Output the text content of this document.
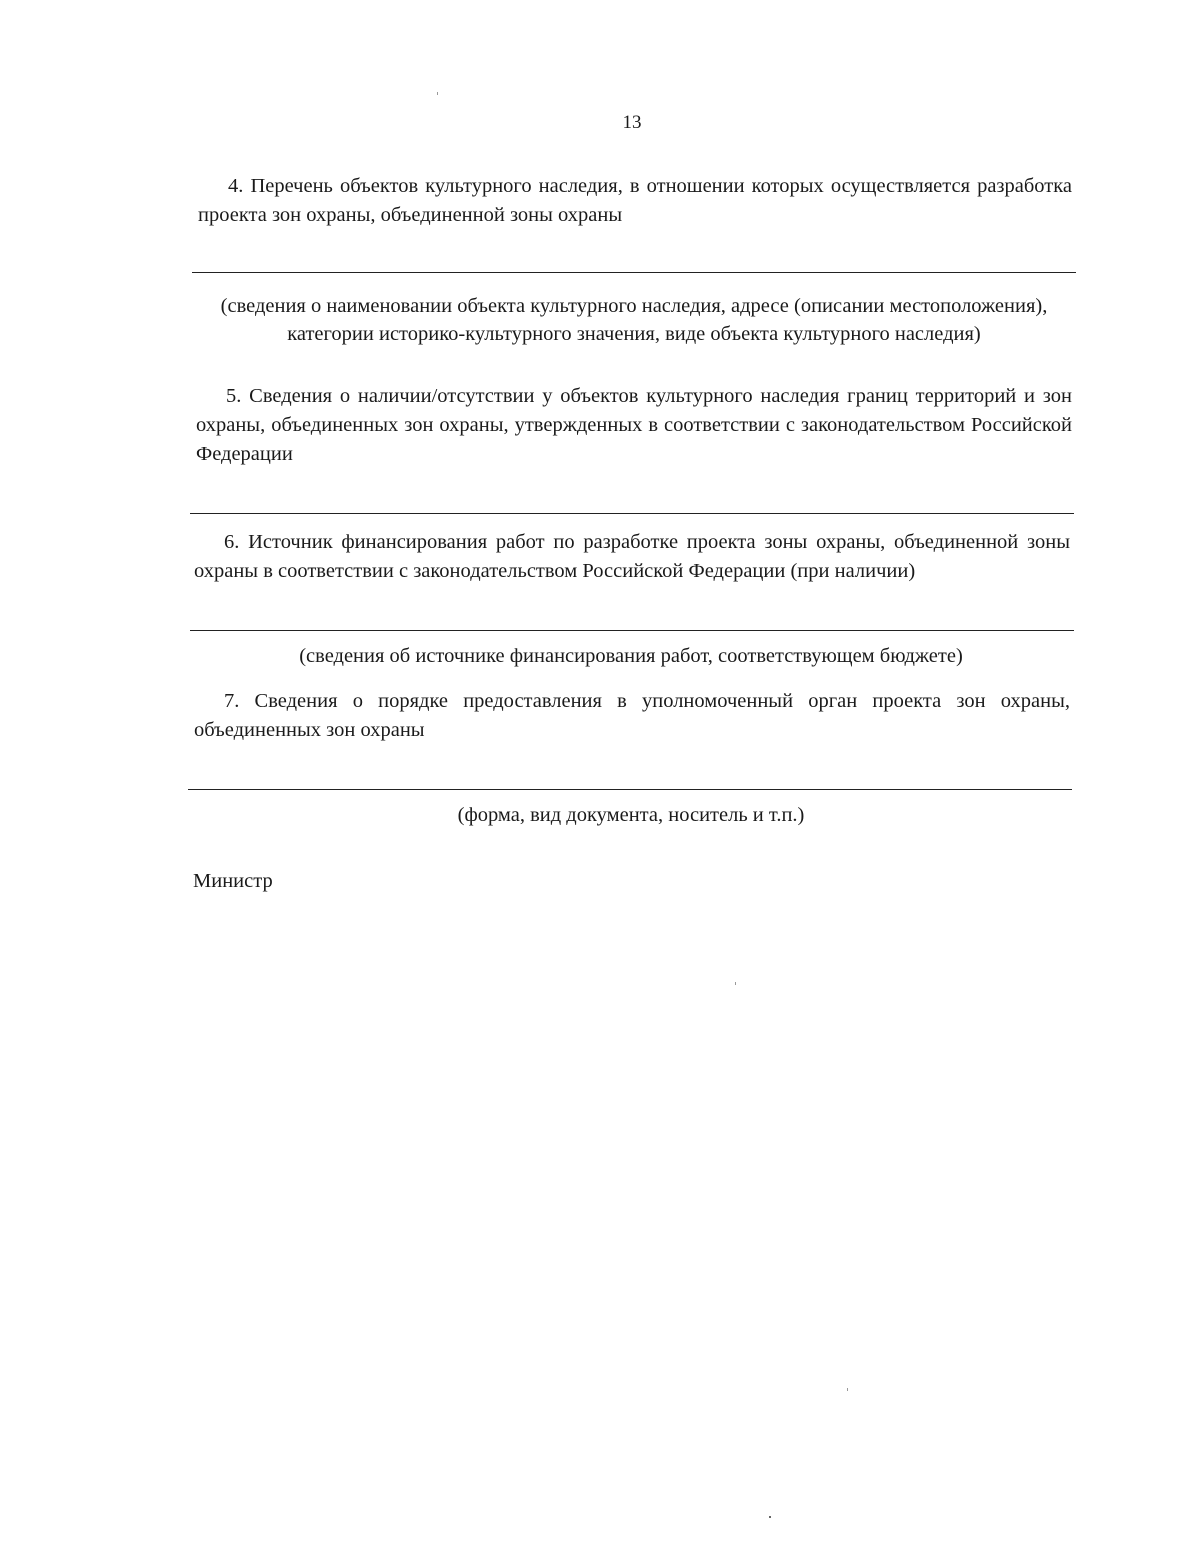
13

4. Перечень объектов культурного наследия, в отношении которых осуществляется разработка проекта зон охраны, объединенной зоны охраны

(сведения о наименовании объекта культурного наследия, адресе (описании местоположения), категории историко-культурного значения, виде объекта культурного наследия)

5. Сведения о наличии/отсутствии у объектов культурного наследия границ территорий и зон охраны, объединенных зон охраны, утвержденных в соответствии с законодательством Российской Федерации

6. Источник финансирования работ по разработке проекта зоны охраны, объединенной зоны охраны в соответствии с законодательством Российской Федерации (при наличии)

(сведения об источнике финансирования работ, соответствующем бюджете)

7. Сведения о порядке предоставления в уполномоченный орган проекта зон охраны, объединенных зон охраны

(форма, вид документа, носитель и т.п.)

Министр
